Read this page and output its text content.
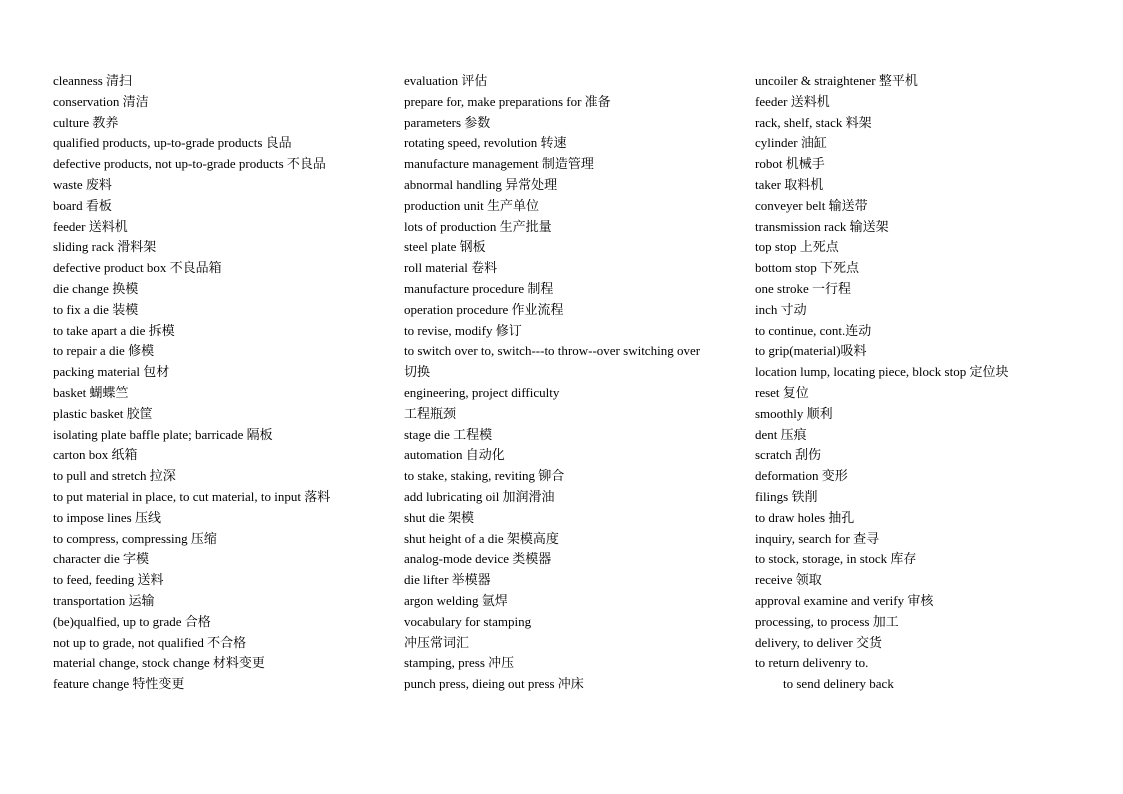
cleanness 清扫
conservation 清洁
culture 教养
qualified products, up-to-grade products 良品
defective products, not up-to-grade products 不良品
waste 废料
board 看板
feeder 送料机
sliding rack 滑料架
defective product box 不良品箱
die change 换模
to fix a die 装模
to take apart a die 拆模
to repair a die 修模
packing material 包材
basket 蝴蝶竺
plastic basket 胶筐
isolating plate baffle plate; barricade 隔板
carton box 纸箱
to pull and stretch 拉深
to put material in place, to cut material, to input 落料
to impose lines 压线
to compress, compressing 压缩
character die 字模
to feed, feeding 送料
transportation 运输
(be)qualfied, up to grade 合格
not up to grade, not qualified 不合格
material change, stock change 材料变更
feature change 特性变更
evaluation 评估
prepare for, make preparations for 准备
parameters 参数
rotating speed, revolution 转速
manufacture management 制造管理
abnormal handling 异常处理
production unit 生产单位
lots of production 生产批量
steel plate 钢板
roll material 卷料
manufacture procedure 制程
operation procedure 作业流程
to revise, modify 修订
to switch over to, switch---to throw--over switching over
切换
engineering, project difficulty
工程瓶颈
stage die 工程模
automation 自动化
to stake, staking, reviting 铆合
add lubricating oil 加润滑油
shut die 架模
shut height of a die 架模高度
analog-mode device 类模器
die lifter 举模器
argon welding 氩焊
vocabulary for stamping
冲压常词汇
stamping, press 冲压
punch press, dieing out press 冲床
uncoiler & straightener 整平机
feeder 送料机
rack, shelf, stack 料架
cylinder 油缸
robot 机械手
taker 取料机
conveyer belt 输送带
transmission rack 输送架
top stop 上死点
bottom stop 下死点
one stroke 一行程
inch 寸动
to continue, cont.连动
to grip(material)吸料
location lump, locating piece, block stop 定位块
reset 复位
smoothly 顺利
dent 压痕
scratch 刮伤
deformation 变形
filings 铁削
to draw holes 抽孔
inquiry, search for 查寻
to stock, storage, in stock 库存
receive 领取
approval examine and verify 审核
processing, to process 加工
delivery, to deliver 交货
to return delivenry to.
to send delinery back
